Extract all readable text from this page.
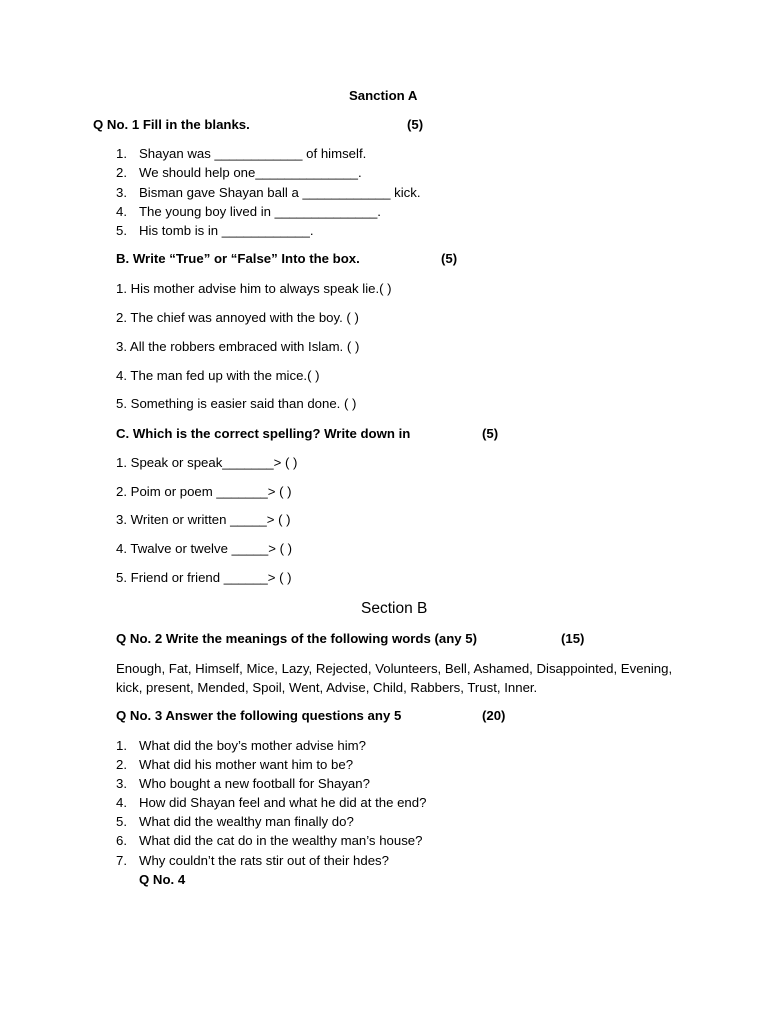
Sanction A
Q No. 1 Fill in the blanks.	(5)
1. Shayan was ____________ of himself.
2. We should help one______________.
3. Bisman gave Shayan ball a ____________ kick.
4. The young boy lived in ______________.
5. His tomb is in ____________.
B. Write “True” or “False” Into the box.	(5)
1. His mother advise him to always speak lie.( )
2. The chief was annoyed with the boy. ( )
3. All the robbers embraced with Islam. ( )
4. The man fed up with the mice.( )
5. Something is easier said than done. ( )
C. Which is the correct spelling? Write down in	(5)
1. Speak or speak_______> ( )
2. Poim or poem _______> ( )
3. Writen or written _____> ( )
4. Twalve or twelve _____> ( )
5. Friend or friend ______> ( )
Section B
Q No. 2 Write the meanings of the following words (any 5)	(15)
Enough, Fat, Himself, Mice, Lazy, Rejected, Volunteers, Bell, Ashamed, Disappointed, Evening, kick, present, Mended, Spoil, Went, Advise, Child, Rabbers, Trust, Inner.
Q No. 3 Answer the following questions any 5	(20)
1. What did the boy’s mother advise him?
2. What did his mother want him to be?
3. Who bought a new football for Shayan?
4. How did Shayan feel and what he did at the end?
5. What did the wealthy man finally do?
6. What did the cat do in the wealthy man’s house?
7. Why couldn’t the rats stir out of their hdes?
Q No. 4
